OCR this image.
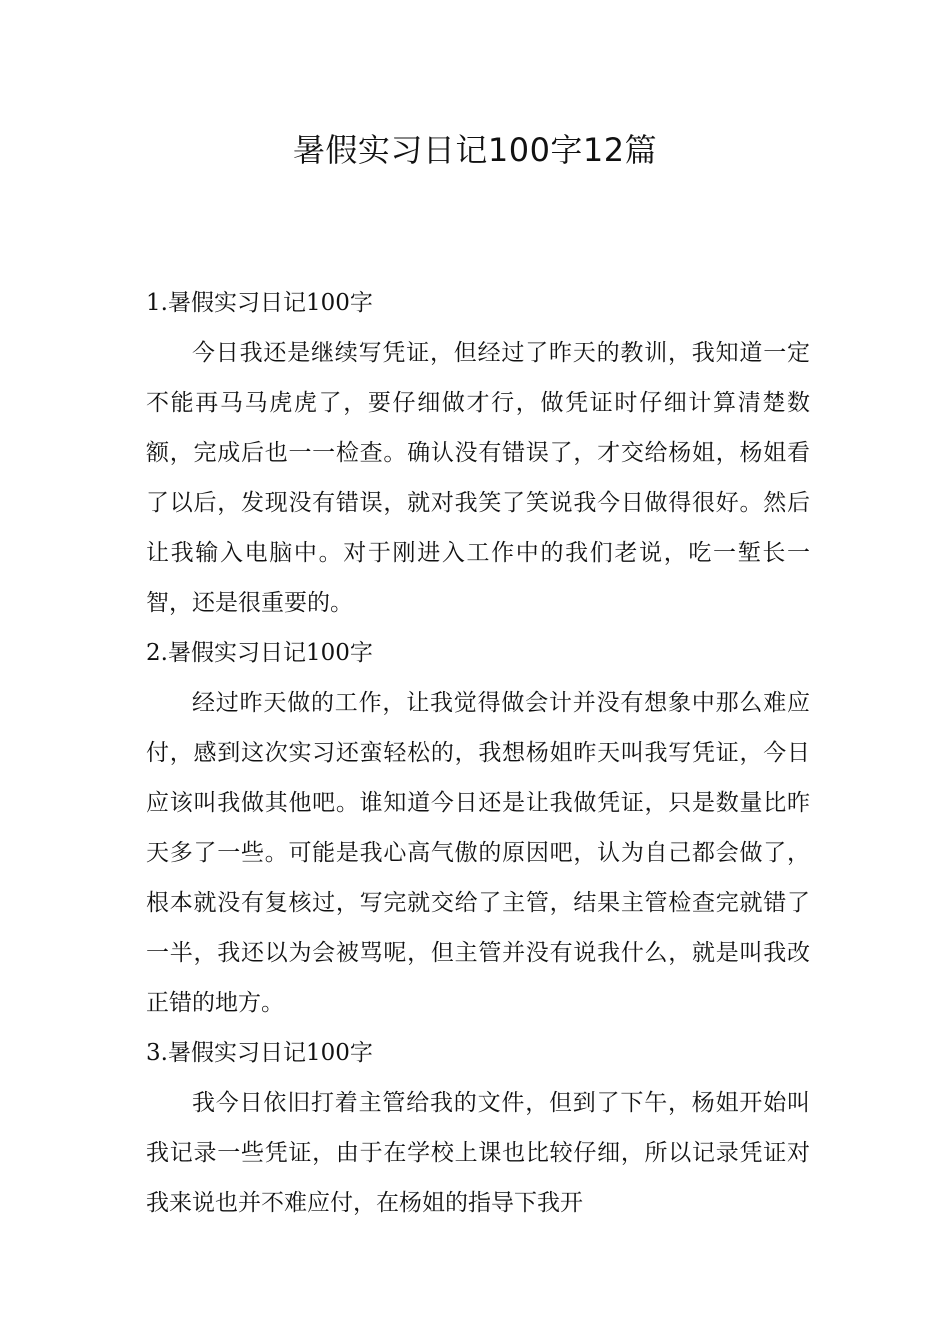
暑假实习日记100字12篇
1.暑假实习日记100字

今日我还是继续写凭证，但经过了昨天的教训，我知道一定不能再马马虎虎了，要仔细做才行，做凭证时仔细计算清楚数额，完成后也一一检查。确认没有错误了，才交给杨姐，杨姐看了以后，发现没有错误，就对我笑了笑说我今日做得很好。然后让我输入电脑中。对于刚进入工作中的我们老说，吃一堑长一智，还是很重要的。

2.暑假实习日记100字

经过昨天做的工作，让我觉得做会计并没有想象中那么难应付，感到这次实习还蛮轻松的，我想杨姐昨天叫我写凭证，今日应该叫我做其他吧。谁知道今日还是让我做凭证，只是数量比昨天多了一些。可能是我心高气傲的原因吧，认为自己都会做了，根本就没有复核过，写完就交给了主管，结果主管检查完就错了一半，我还以为会被骂呢，但主管并没有说我什么，就是叫我改正错的地方。

3.暑假实习日记100字

我今日依旧打着主管给我的文件，但到了下午，杨姐开始叫我记录一些凭证，由于在学校上课也比较仔细，所以记录凭证对我来说也并不难应付，在杨姐的指导下我开
